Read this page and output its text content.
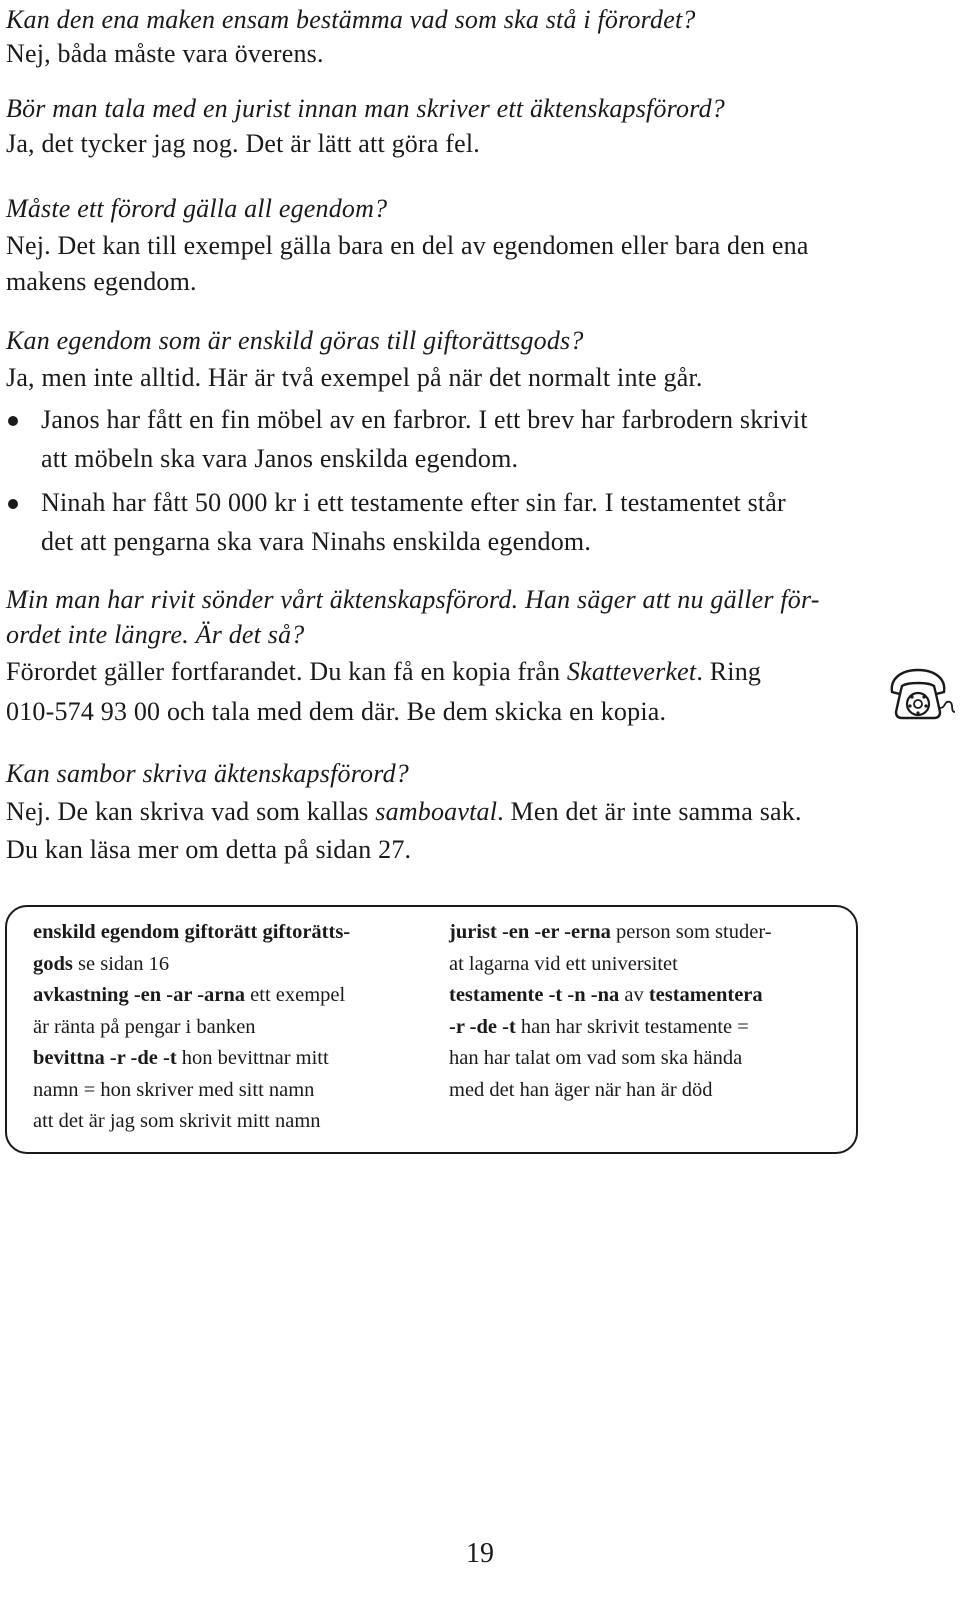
Kan den ena maken ensam bestämma vad som ska stå i förordet?
Nej, båda måste vara överens.
Bör man tala med en jurist innan man skriver ett äktenskapsförord?
Ja, det tycker jag nog. Det är lätt att göra fel.
Måste ett förord gälla all egendom?
Nej. Det kan till exempel gälla bara en del av egendomen eller bara den ena
makens egendom.
Kan egendom som är enskild göras till giftorättsgods?
Ja, men inte alltid. Här är två exempel på när det normalt inte går.
Janos har fått en fin möbel av en farbror. I ett brev har farbrodern skrivit
att möbeln ska vara Janos enskilda egendom.
Ninah har fått 50 000 kr i ett testamente efter sin far. I testamentet står
det att pengarna ska vara Ninahs enskilda egendom.
Min man har rivit sönder vårt äktenskapsförord. Han säger att nu gäller för-
ordet inte längre. Är det så?
Förordet gäller fortfarandet. Du kan få en kopia från Skatteverket. Ring
010-574 93 00 och tala med dem där. Be dem skicka en kopia.
Kan sambor skriva äktenskapsförord?
Nej. De kan skriva vad som kallas samboavtal. Men det är inte samma sak.
Du kan läsa mer om detta på sidan 27.
enskild egendom giftorätt giftorätts-
gods se sidan 16
avkastning -en -ar -arna ett exempel
är ränta på pengar i banken
bevittna -r -de -t hon bevittnar mitt
namn = hon skriver med sitt namn
att det är jag som skrivit mitt namn
jurist -en -er -erna person som studer-
at lagarna vid ett universitet
testamente -t -n -na av testamentera
-r -de -t han har skrivit testamente =
han har talat om vad som ska hända
med det han äger när han är död
19
